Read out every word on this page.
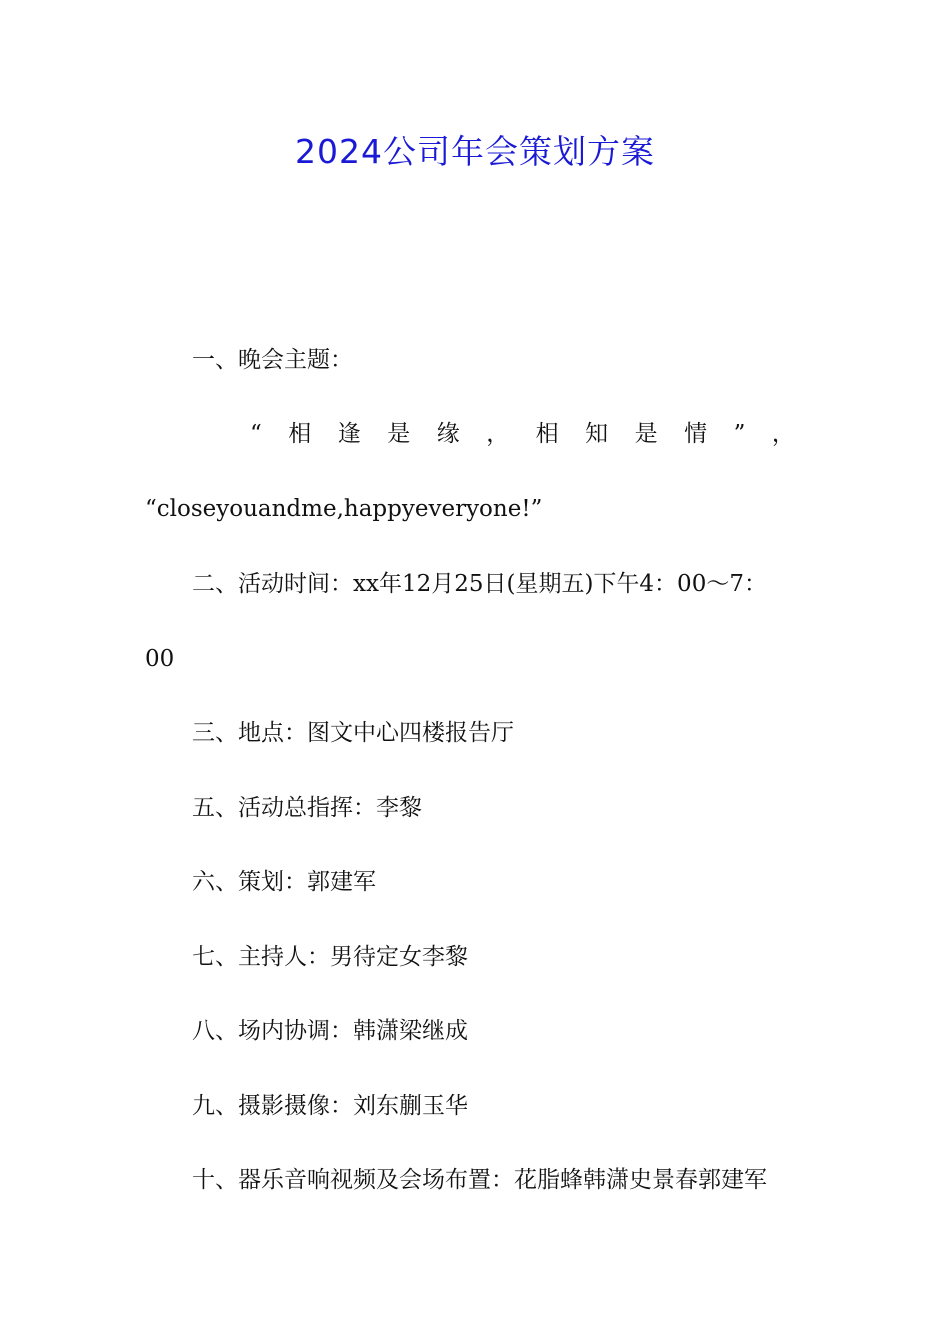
2024公司年会策划方案
一、晚会主题：
“ 相 逢 是 缘 ， 相 知 是 情 ” ，
“closeyouandme,happyeveryone!”
二、活动时间：xx年12月25日(星期五)下午4：00～7：
00
三、地点：图文中心四楼报告厅
五、活动总指挥：李黎
六、策划：郭建军
七、主持人：男待定女李黎
八、场内协调：韩潇梁继成
九、摄影摄像：刘东蒯玉华
十、器乐音响视频及会场布置：花脂蜂韩潇史景春郭建军
